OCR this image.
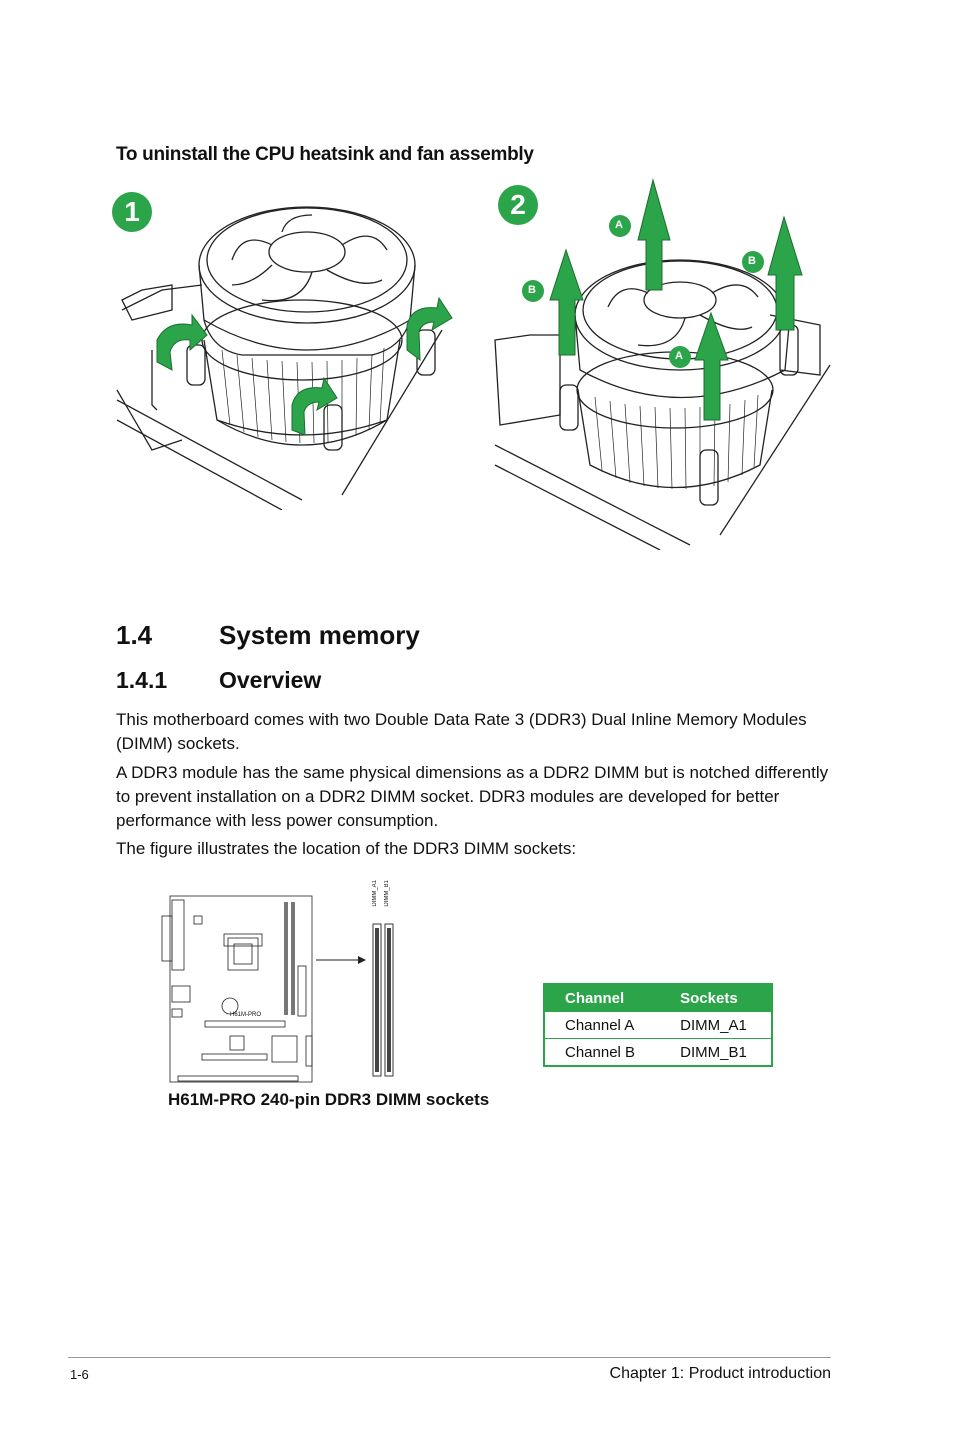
To uninstall the CPU heatsink and fan assembly
1	2
A
B
B
A
1.4	System memory
1.4.1 Overview
This motherboard comes with two Double Data Rate 3 (DDR3) Dual Inline Memory Modules (DIMM) sockets.
A DDR3 module has the same physical dimensions as a DDR2 DIMM but is notched differently to prevent installation on a DDR2 DIMM socket. DDR3 modules are developed for better performance with less power consumption.
The figure illustrates the location of the DDR3 DIMM sockets:
H61M-PRO
DIMM_A1 DIMM_B1
Channel	Sockets
Channel A	DIMM_A1
Channel B	DIMM_B1
H61M-PRO 240-pin DDR3 DIMM sockets
1-6	Chapter 1: Product introduction
